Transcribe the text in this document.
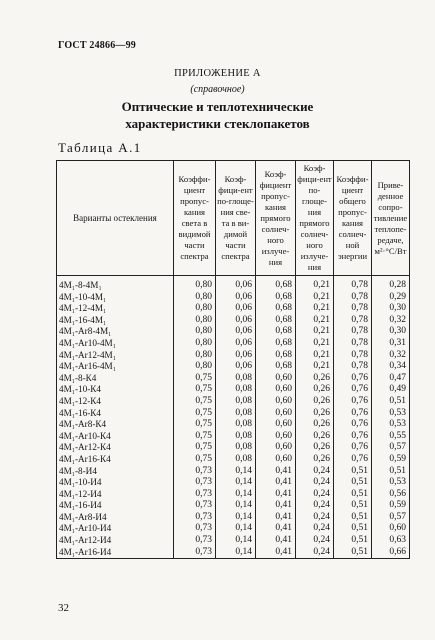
ГОСТ 24866—99
ПРИЛОЖЕНИЕ А
(справочное)
Оптические и теплотехнические характеристики стеклопакетов
Таблица А.1
Варианты остекления	Коэффи-циент пропус-кания света в видимой части спектра	Коэф-фици-ент по-глоще-ния све-та в ви-димой части спектра	Коэф-фициент пропус-кания прямого солнеч-ного излуче-ния	Коэф-фици-ент по-глоще-ния прямого солнеч-ного излуче-ния	Коэффи-циент общего пропус-кания солнеч-ной энергии	Приве-денное сопро-тивление теплопе-редаче, м²·°С/Вт

4М₁-8-4М₁	0,80	0,06	0,68	0,21	0,78	0,28
4М₁-10-4М₁	0,80	0,06	0,68	0,21	0,78	0,29
4М₁-12-4М₁	0,80	0,06	0,68	0,21	0,78	0,30
4М₁-16-4М₁	0,80	0,06	0,68	0,21	0,78	0,32
4М₁-Ar8-4М₁	0,80	0,06	0,68	0,21	0,78	0,30
4М₁-Ar10-4М₁	0,80	0,06	0,68	0,21	0,78	0,31
4М₁-Ar12-4М₁	0,80	0,06	0,68	0,21	0,78	0,32
4М₁-Ar16-4М₁	0,80	0,06	0,68	0,21	0,78	0,34
4М₁-8-К4	0,75	0,08	0,60	0,26	0,76	0,47
4М₁-10-К4	0,75	0,08	0,60	0,26	0,76	0,49
4М₁-12-К4	0,75	0,08	0,60	0,26	0,76	0,51
4М₁-16-К4	0,75	0,08	0,60	0,26	0,76	0,53
4М₁-Ar8-К4	0,75	0,08	0,60	0,26	0,76	0,53
4М₁-Ar10-К4	0,75	0,08	0,60	0,26	0,76	0,55
4М₁-Ar12-К4	0,75	0,08	0,60	0,26	0,76	0,57
4М₁-Ar16-К4	0,75	0,08	0,60	0,26	0,76	0,59
4М₁-8-И4	0,73	0,14	0,41	0,24	0,51	0,51
4М₁-10-И4	0,73	0,14	0,41	0,24	0,51	0,53
4М₁-12-И4	0,73	0,14	0,41	0,24	0,51	0,56
4М₁-16-И4	0,73	0,14	0,41	0,24	0,51	0,59
4М₁-Ar8-И4	0,73	0,14	0,41	0,24	0,51	0,57
4М₁-Ar10-И4	0,73	0,14	0,41	0,24	0,51	0,60
4М₁-Ar12-И4	0,73	0,14	0,41	0,24	0,51	0,63
4М₁-Ar16-И4	0,73	0,14	0,41	0,24	0,51	0,66
32
